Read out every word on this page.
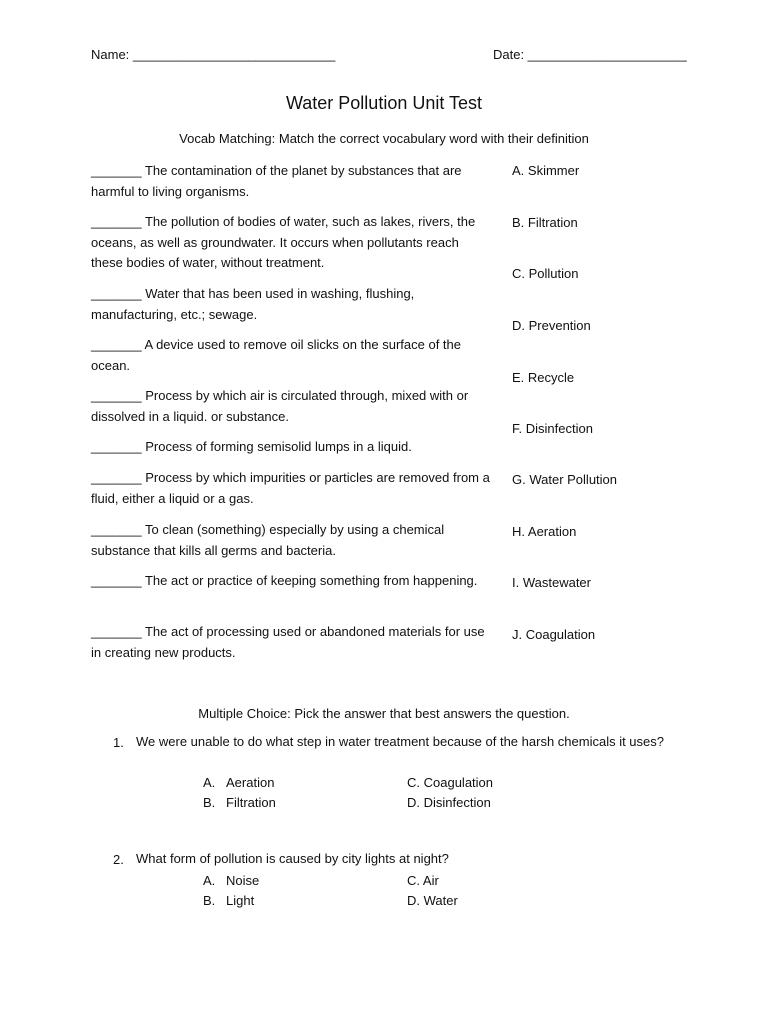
Name: ____________________________	Date: ______________________
Water Pollution Unit Test
Vocab Matching: Match the correct vocabulary word with their definition
_______ The contamination of the planet by substances that are harmful to living organisms.
_______ The pollution of bodies of water, such as lakes, rivers, the oceans, as well as groundwater. It occurs when pollutants reach these bodies of water, without treatment.
_______ Water that has been used in washing, flushing, manufacturing, etc.; sewage.
_______ A device used to remove oil slicks on the surface of the ocean.
_______ Process by which air is circulated through, mixed with or dissolved in a liquid. or substance.
_______ Process of forming semisolid lumps in a liquid.
_______ Process by which impurities or particles are removed from a fluid, either a liquid or a gas.
_______ To clean (something) especially by using a chemical substance that kills all germs and bacteria.
_______ The act or practice of keeping something from happening.
_______ The act of processing used or abandoned materials for use in creating new products.
A. Skimmer
B. Filtration
C. Pollution
D. Prevention
E. Recycle
F. Disinfection
G. Water Pollution
H. Aeration
I. Wastewater
J. Coagulation
Multiple Choice: Pick the answer that best answers the question.
1. We were unable to do what step in water treatment because of the harsh chemicals it uses?
A. Aeration
B. Filtration
C. Coagulation
D. Disinfection
2. What form of pollution is caused by city lights at night?
A. Noise
B. Light
C. Air
D. Water
